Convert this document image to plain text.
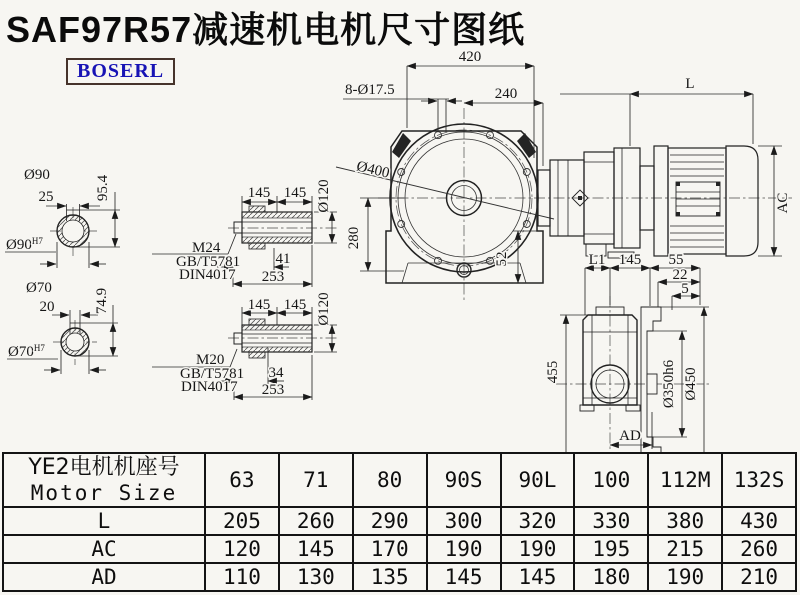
SAF97R57减速机电机尺寸图纸
BOSERL
420
8-Ø17.5	240
Ø400
280
52
L
AC
Ø90
25	95.4
$Ø90^{H7}$
Ø70
20	74.9
$Ø70^{H7}$
145 145 Ø120
M24
GB/T5781
DIN4017
41
253
145 145 Ø120
M20
GB/T5781
DIN4017
34
253
L1 145 55
22
5
455	Ø350h6 Ø450
AD
YE2电机机座号
Motor Size	63	71	80	90S	90L	100	112M	132S
L	205	260	290	300	320	330	380	430
AC	120	145	170	190	190	195	215	260
AD	110	130	135	145	145	180	190	210
